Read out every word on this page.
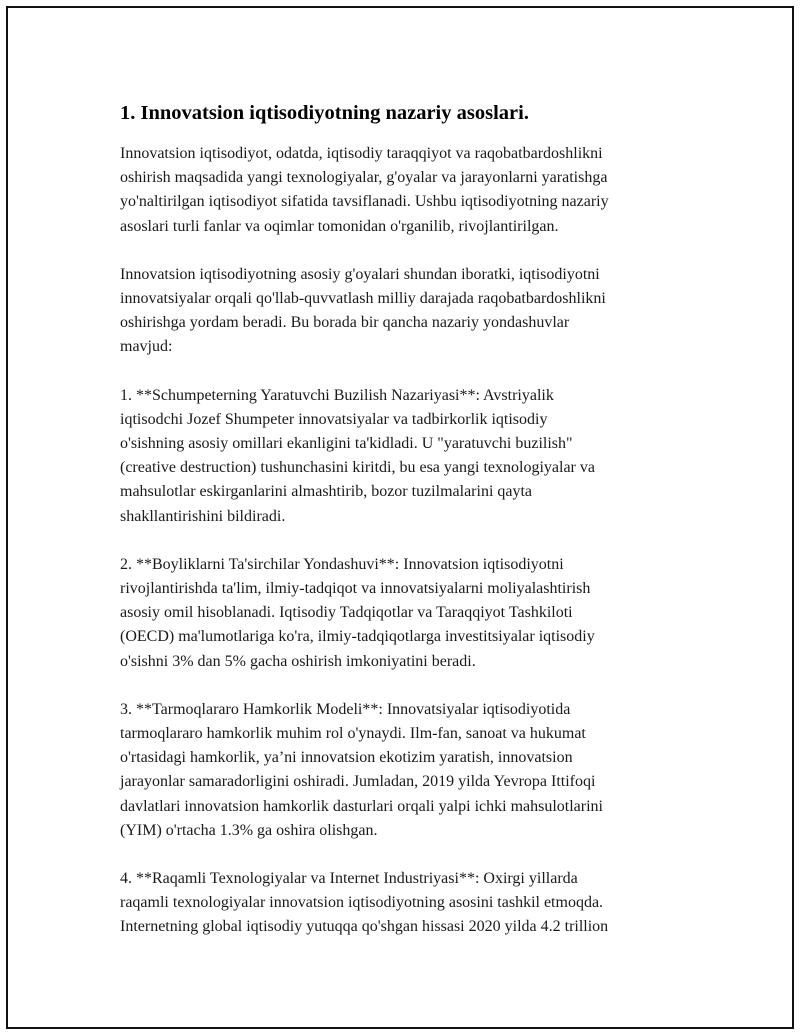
1. Innovatsion iqtisodiyotning nazariy asoslari.

Innovatsion iqtisodiyot, odatda, iqtisodiy taraqqiyot va raqobatbardoshlikni
oshirish maqsadida yangi texnologiyalar, g'oyalar va jarayonlarni yaratishga
yo'naltirilgan iqtisodiyot sifatida tavsiflanadi. Ushbu iqtisodiyotning nazariy
asoslari turli fanlar va oqimlar tomonidan o'rganilib, rivojlantirilgan.

Innovatsion iqtisodiyotning asosiy g'oyalari shundan iboratki, iqtisodiyotni
innovatsiyalar orqali qo'llab-quvvatlash milliy darajada raqobatbardoshlikni
oshirishga yordam beradi. Bu borada bir qancha nazariy yondashuvlar
mavjud:

1. **Schumpeterning Yaratuvchi Buzilish Nazariyasi**: Avstriyalik
iqtisodchi Jozef Shumpeter innovatsiyalar va tadbirkorlik iqtisodiy
o'sishning asosiy omillari ekanligini ta'kidladi. U "yaratuvchi buzilish"
(creative destruction) tushunchasini kiritdi, bu esa yangi texnologiyalar va
mahsulotlar eskirganlarini almashtirib, bozor tuzilmalarini qayta
shakllantirishini bildiradi.

2. **Boyliklarni Ta'sirchilar Yondashuvi**: Innovatsion iqtisodiyotni
rivojlantirishda ta'lim, ilmiy-tadqiqot va innovatsiyalarni moliyalashtirish
asosiy omil hisoblanadi. Iqtisodiy Tadqiqotlar va Taraqqiyot Tashkiloti
(OECD) ma'lumotlariga ko'ra, ilmiy-tadqiqotlarga investitsiyalar iqtisodiy
o'sishni 3% dan 5% gacha oshirish imkoniyatini beradi.

3. **Tarmoqlararo Hamkorlik Modeli**: Innovatsiyalar iqtisodiyotida
tarmoqlararo hamkorlik muhim rol o'ynaydi. Ilm-fan, sanoat va hukumat
o'rtasidagi hamkorlik, ya’ni innovatsion ekotizim yaratish, innovatsion
jarayonlar samaradorligini oshiradi. Jumladan, 2019 yilda Yevropa Ittifoqi
davlatlari innovatsion hamkorlik dasturlari orqali yalpi ichki mahsulotlarini
(YIM) o'rtacha 1.3% ga oshira olishgan.

4. **Raqamli Texnologiyalar va Internet Industriyasi**: Oxirgi yillarda
raqamli texnologiyalar innovatsion iqtisodiyotning asosini tashkil etmoqda.
Internetning global iqtisodiy yutuqqa qo'shgan hissasi 2020 yilda 4.2 trillion
